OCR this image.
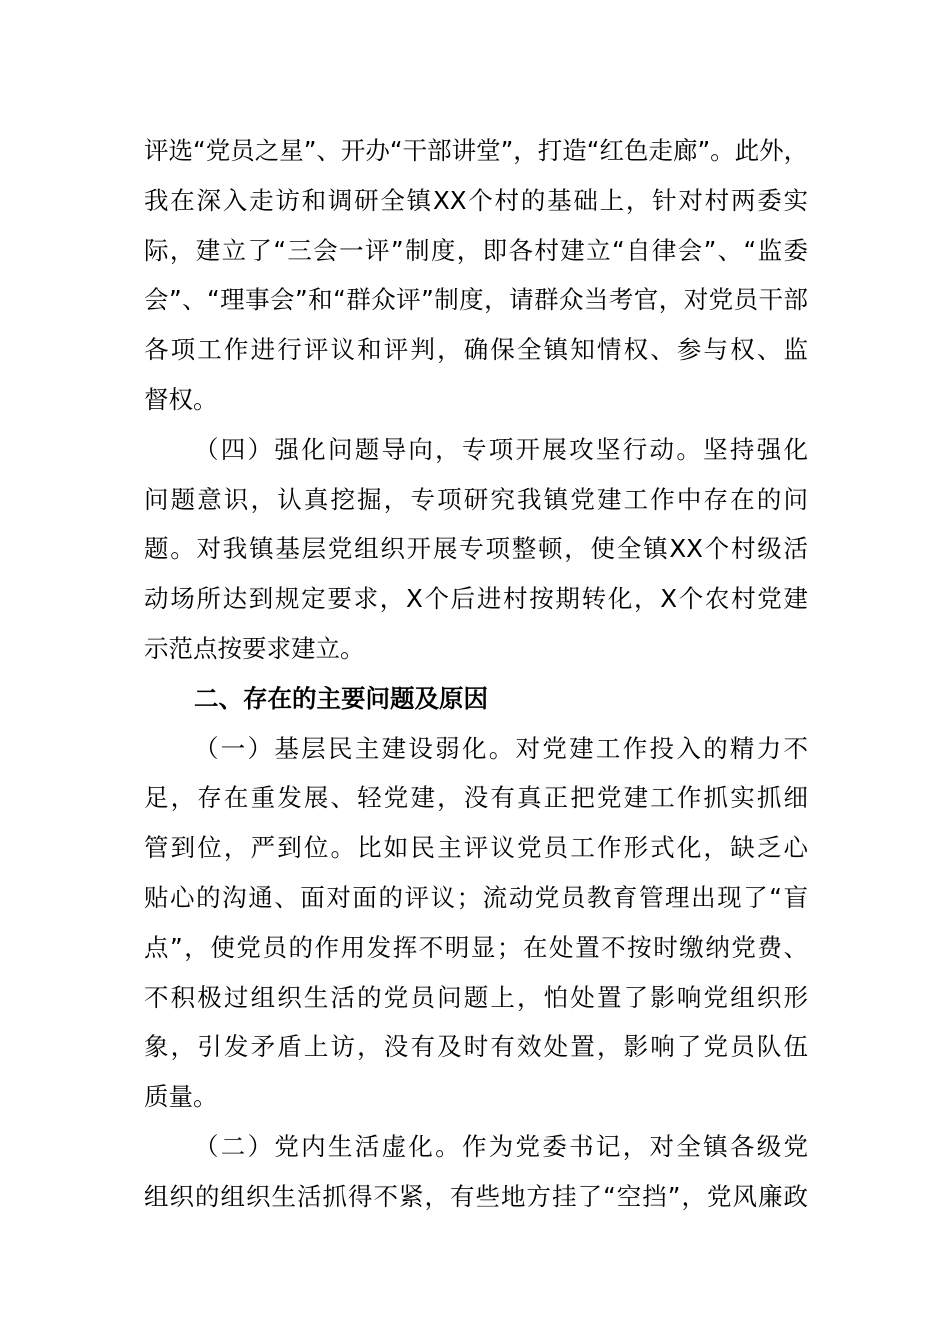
评选“党员之星”、开办“干部讲堂”，打造“红色走廊”。此外，
我在深入走访和调研全镇XX个村的基础上，针对村两委实
际，建立了“三会一评”制度，即各村建立“自律会”、“监委
会”、“理事会”和“群众评”制度，请群众当考官，对党员干部
各项工作进行评议和评判，确保全镇知情权、参与权、监
督权。
（四）强化问题导向，专项开展攻坚行动。坚持强化
问题意识，认真挖掘，专项研究我镇党建工作中存在的问
题。对我镇基层党组织开展专项整顿，使全镇XX个村级活
动场所达到规定要求，X个后进村按期转化，X个农村党建
示范点按要求建立。
二、存在的主要问题及原因
（一）基层民主建设弱化。对党建工作投入的精力不
足，存在重发展、轻党建，没有真正把党建工作抓实抓细
管到位，严到位。比如民主评议党员工作形式化，缺乏心
贴心的沟通、面对面的评议；流动党员教育管理出现了“盲
点”，使党员的作用发挥不明显；在处置不按时缴纳党费、
不积极过组织生活的党员问题上，怕处置了影响党组织形
象，引发矛盾上访，没有及时有效处置，影响了党员队伍
质量。
（二）党内生活虚化。作为党委书记，对全镇各级党
组织的组织生活抓得不紧，有些地方挂了“空挡”，党风廉政
